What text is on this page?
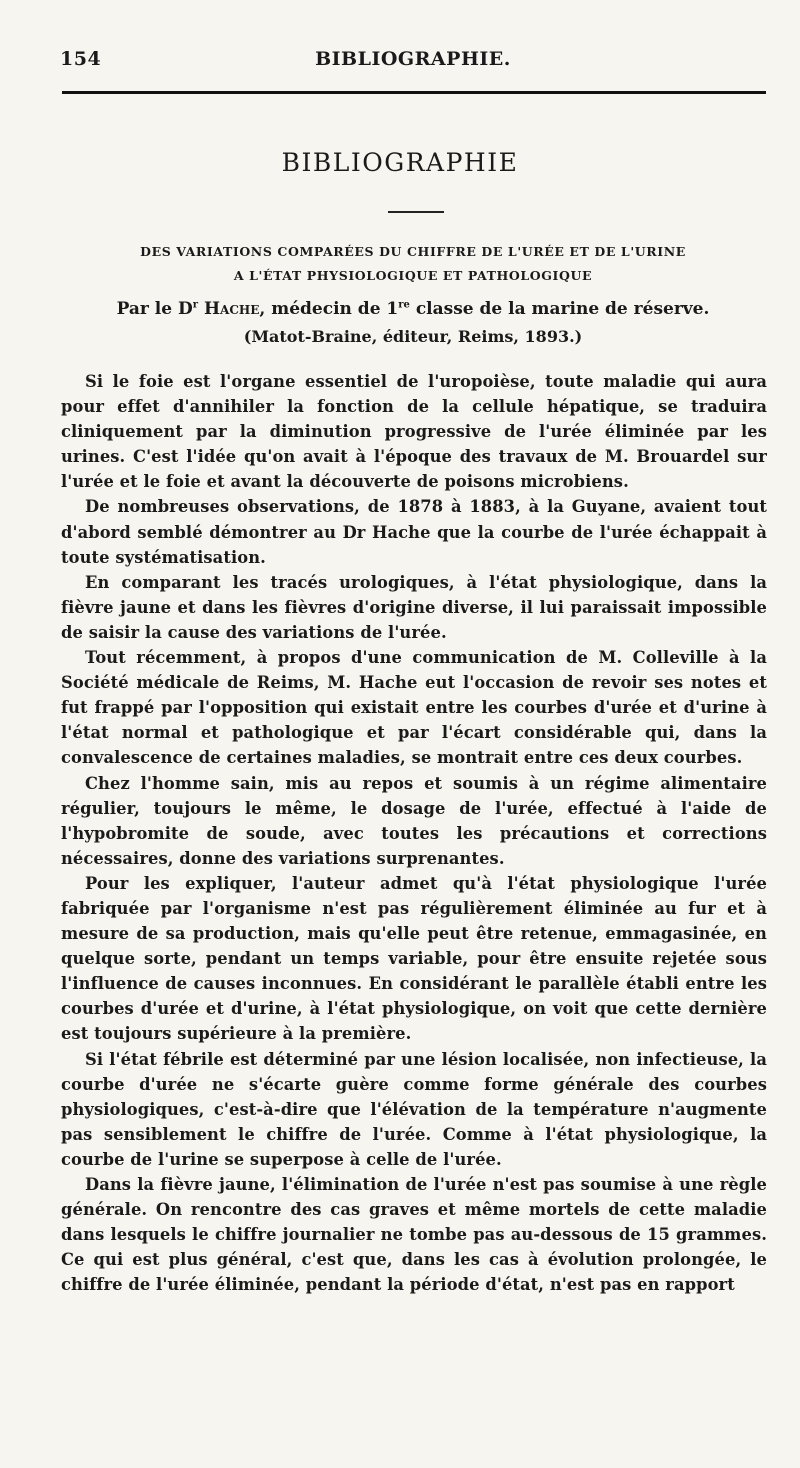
BIBLIOGRAPHIE.
154
BIBLIOGRAPHIE
DES VARIATIONS COMPARÉES DU CHIFFRE DE L'URÉE ET DE L'URINE
A L'ÉTAT PHYSIOLOGIQUE ET PATHOLOGIQUE
Par le $D^r$ Hache, médecin de 1re classe de la marine de réserve.
(Matot-Braine, éditeur, Reims, 1893.)

Si le foie est l'organe essentiel de l'uropoièse, toute maladie qui aura pour effet d'annihiler la fonction de la cellule hépatique, se traduira cliniquement par la diminution progressive de l'urée éliminée par les urines. C'est l'idée qu'on avait à l'époque des travaux de M. Brouardel sur l'urée et le foie et avant la découverte de poisons microbiens.

De nombreuses observations, de 1878 à 1883, à la Guyane, avaient tout d'abord semblé démontrer au Dr Hache que la courbe de l'urée échappait à toute systématisation.

En comparant les tracés urologiques, à l'état physiologique, dans la fièvre jaune et dans les fièvres d'origine diverse, il lui paraissait impossible de saisir la cause des variations de l'urée.

Tout récemment, à propos d'une communication de M. Colleville à la Société médicale de Reims, M. Hache eut l'occasion de revoir ses notes et fut frappé par l'opposition qui existait entre les courbes d'urée et d'urine à l'état normal et pathologique et par l'écart considérable qui, dans la convalescence de certaines maladies, se montrait entre ces deux courbes.

Chez l'homme sain, mis au repos et soumis à un régime alimentaire régulier, toujours le même, le dosage de l'urée, effectué à l'aide de l'hypobromite de soude, avec toutes les précautions et corrections nécessaires, donne des variations surprenantes.

Pour les expliquer, l'auteur admet qu'à l'état physiologique l'urée fabriquée par l'organisme n'est pas régulièrement éliminée au fur et à mesure de sa production, mais qu'elle peut être retenue, emmagasinée, en quelque sorte, pendant un temps variable, pour être ensuite rejetée sous l'influence de causes inconnues. En considérant le parallèle établi entre les courbes d'urée et d'urine, à l'état physiologique, on voit que cette dernière est toujours supérieure à la première.

Si l'état fébrile est déterminé par une lésion localisée, non infectieuse, la courbe d'urée ne s'écarte guère comme forme générale des courbes physiologiques, c'est-à-dire que l'élévation de la température n'augmente pas sensiblement le chiffre de l'urée. Comme à l'état physiologique, la courbe de l'urine se superpose à celle de l'urée.

Dans la fièvre jaune, l'élimination de l'urée n'est pas soumise à une règle générale. On rencontre des cas graves et même mortels de cette maladie dans lesquels le chiffre journalier ne tombe pas au-dessous de 15 grammes. Ce qui est plus général, c'est que, dans les cas à évolution prolongée, le chiffre de l'urée éliminée, pendant la période d'état, n'est pas en rapport
